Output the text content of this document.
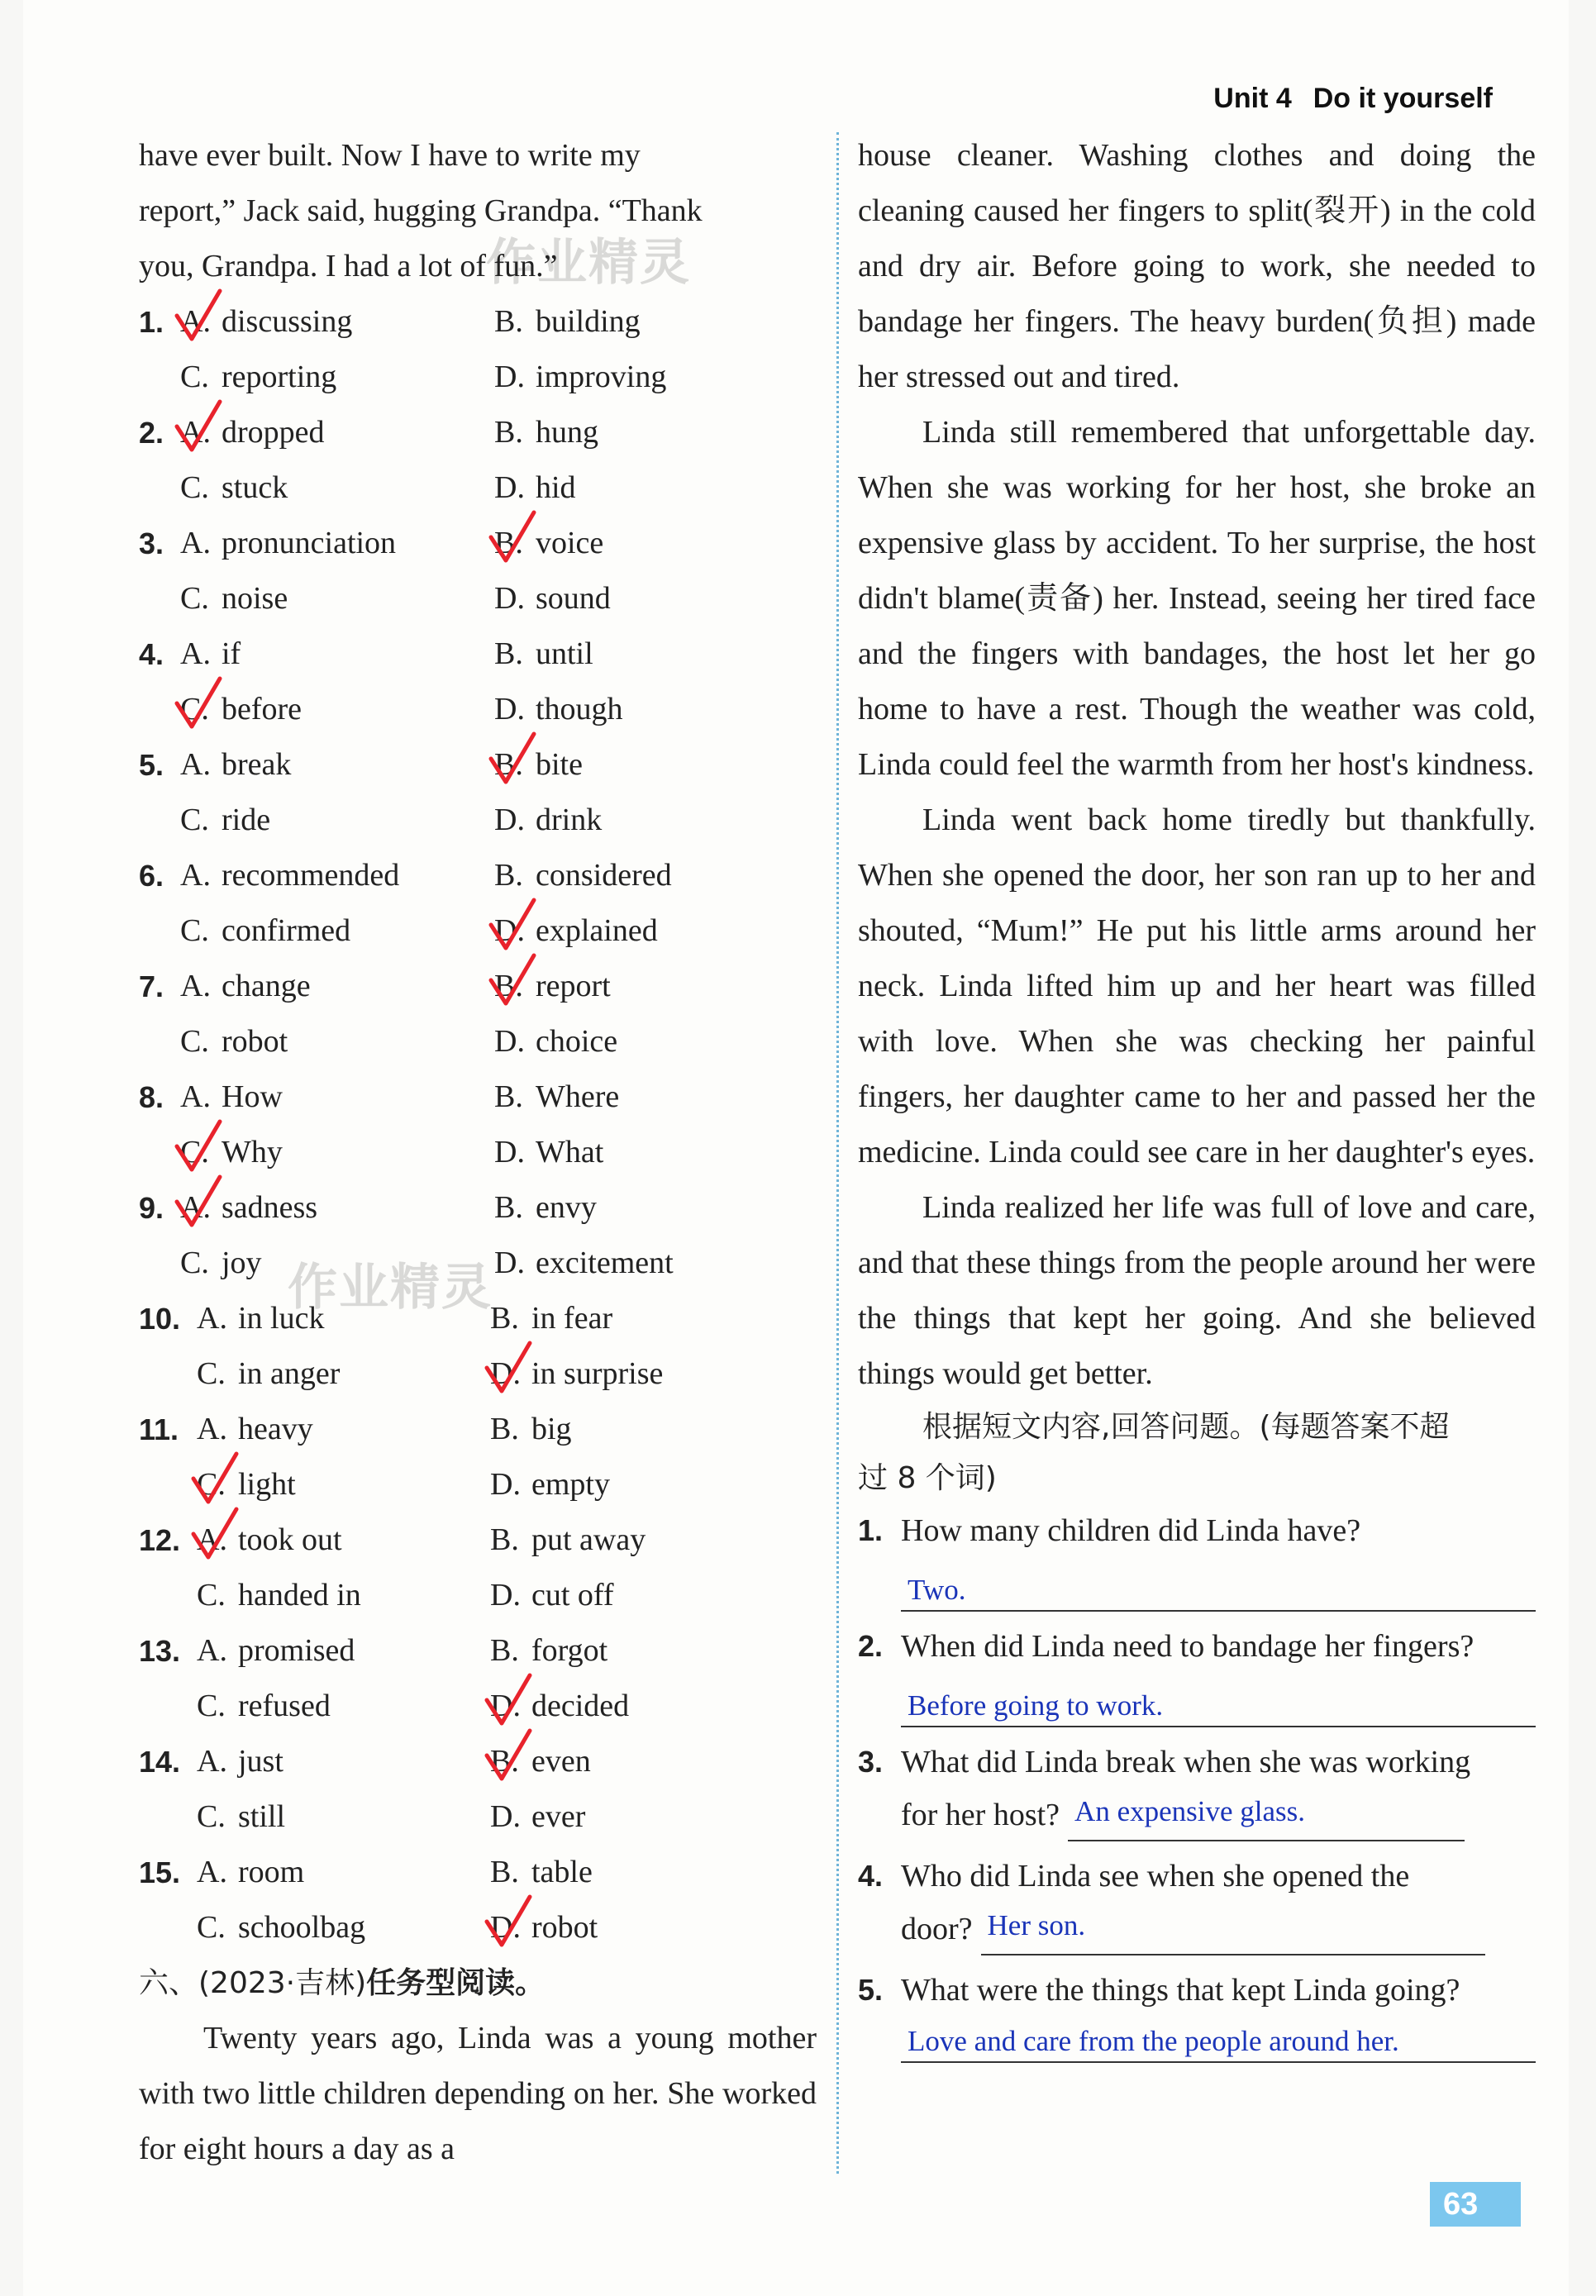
Unit 4 Do it yourself
作业精灵
作业精灵
have ever built. Now I have to write my
report,” Jack said, hugging Grandpa. “Thank
you, Grandpa. I had a lot of fun.”
1. A. discussing	B. building
C. reporting	D. improving
2. A. dropped	B. hung
C. stuck	D. hid
3. A. pronunciation	B. voice
C. noise	D. sound
4. A. if	B. until
C. before	D. though
5. A. break	B. bite
C. ride	D. drink
6. A. recommended	B. considered
C. confirmed	D. explained
7. A. change	B. report
C. robot	D. choice
8. A. How	B. Where
C. Why	D. What
9. A. sadness	B. envy
C. joy	D. excitement
10. A. in luck	B. in fear
C. in anger	D. in surprise
11. A. heavy	B. big
C. light	D. empty
12. A. took out	B. put away
C. handed in	D. cut off
13. A. promised	B. forgot
C. refused	D. decided
14. A. just	B. even
C. still	D. ever
15. A. room	B. table
C. schoolbag	D. robot
六、(2023·吉林)任务型阅读。
Twenty years ago, Linda was a young mother with two little children depending on her. She worked for eight hours a day as a
house cleaner. Washing clothes and doing the cleaning caused her fingers to split(裂开) in the cold and dry air. Before going to work, she needed to bandage her fingers. The heavy burden(负担) made her stressed out and tired.
Linda still remembered that unforgettable day. When she was working for her host, she broke an expensive glass by accident. To her surprise, the host didn't blame(责备) her. Instead, seeing her tired face and the fingers with bandages, the host let her go home to have a rest. Though the weather was cold, Linda could feel the warmth from her host's kindness.
Linda went back home tiredly but thankfully. When she opened the door, her son ran up to her and shouted, “Mum!” He put his little arms around her neck. Linda lifted him up and her heart was filled with love. When she was checking her painful fingers, her daughter came to her and passed her the medicine. Linda could see care in her daughter's eyes.
Linda realized her life was full of love and care, and that these things from the people around her were the things that kept her going. And she believed things would get better.
根据短文内容,回答问题。(每题答案不超
过 8 个词)
1. How many children did Linda have?
Two.
2. When did Linda need to bandage her fingers?
Before going to work.
3. What did Linda break when she was working
for her host? An expensive glass.
4. Who did Linda see when she opened the
door? Her son.
5. What were the things that kept Linda going?
Love and care from the people around her.
63
